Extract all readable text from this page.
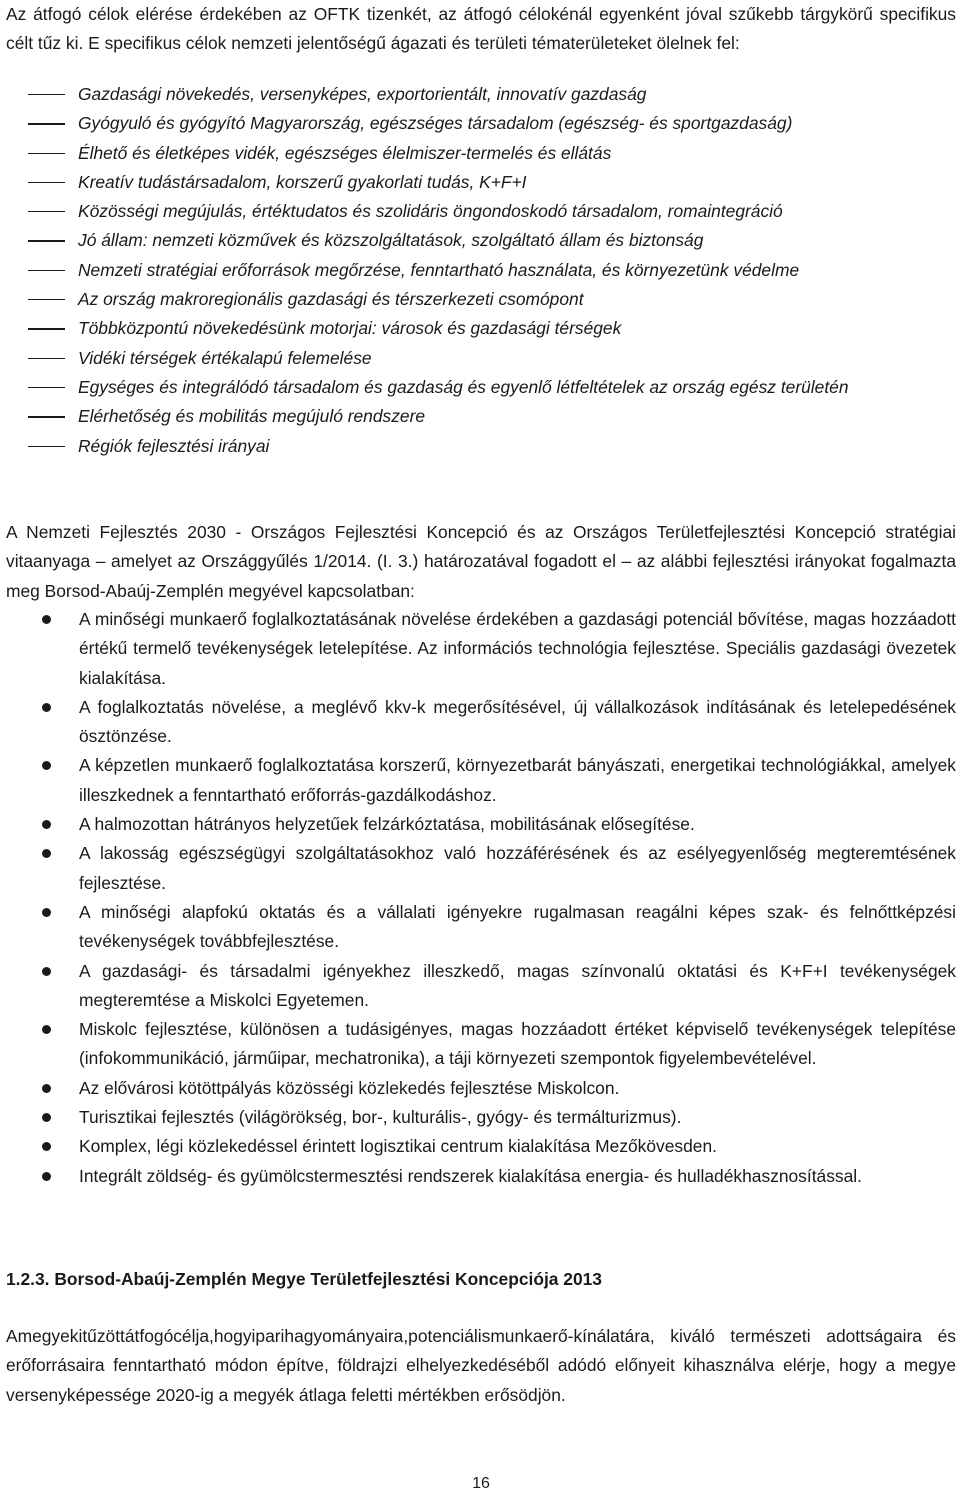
Az átfogó célok elérése érdekében az OFTK tizenkét, az átfogó célokénál egyenként jóval szűkebb tárgykörű specifikus célt tűz ki. E specifikus célok nemzeti jelentőségű ágazati és területi tématerületeket ölelnek fel:

Gazdasági növekedés, versenyképes, exportorientált, innovatív gazdaság
Gyógyuló és gyógyító Magyarország, egészséges társadalom (egészség- és sportgazdaság)
Élhető és életképes vidék, egészséges élelmiszer-termelés és ellátás
Kreatív tudástársadalom, korszerű gyakorlati tudás, K+F+I
Közösségi megújulás, értéktudatos és szolidáris öngondoskodó társadalom, romaintegráció
Jó állam: nemzeti közművek és közszolgáltatások, szolgáltató állam és biztonság
Nemzeti stratégiai erőforrások megőrzése, fenntartható használata, és környezetünk védelme
Az ország makroregionális gazdasági és térszerkezeti csomópont
Többközpontú növekedésünk motorjai: városok és gazdasági térségek
Vidéki térségek értékalapú felemelése
Egységes és integrálódó társadalom és gazdaság és egyenlő létfeltételek az ország egész területén
Elérhetőség és mobilitás megújuló rendszere
Régiók fejlesztési irányai

A Nemzeti Fejlesztés 2030 - Országos Fejlesztési Koncepció és az Országos Területfejlesztési Koncepció stratégiai vitaanyaga – amelyet az Országgyűlés 1/2014. (I. 3.) határozatával fogadott el – az alábbi fejlesztési irányokat fogalmazta meg Borsod-Abaúj-Zemplén megyével kapcsolatban:

A minőségi munkaerő foglalkoztatásának növelése érdekében a gazdasági potenciál bővítése, magas hozzáadott értékű termelő tevékenységek letelepítése. Az információs technológia fejlesztése. Speciális gazdasági övezetek kialakítása.
A foglalkoztatás növelése, a meglévő kkv-k megerősítésével, új vállalkozások indításának és letelepedésének ösztönzése.
A képzetlen munkaerő foglalkoztatása korszerű, környezetbarát bányászati, energetikai technológiákkal, amelyek illeszkednek a fenntartható erőforrás-gazdálkodáshoz.
A halmozottan hátrányos helyzetűek felzárkóztatása, mobilitásának elősegítése.
A lakosság egészségügyi szolgáltatásokhoz való hozzáférésének és az esélyegyenlőség megteremtésének fejlesztése.
A minőségi alapfokú oktatás és a vállalati igényekre rugalmasan reagálni képes szak- és felnőttképzési tevékenységek továbbfejlesztése.
A gazdasági- és társadalmi igényekhez illeszkedő, magas színvonalú oktatási és K+F+I tevékenységek megteremtése a Miskolci Egyetemen.
Miskolc fejlesztése, különösen a tudásigényes, magas hozzáadott értéket képviselő tevékenységek telepítése (infokommunikáció, járműipar, mechatronika), a táji környezeti szempontok figyelembevételével.
Az elővárosi kötöttpályás közösségi közlekedés fejlesztése Miskolcon.
Turisztikai fejlesztés (világörökség, bor-, kulturális-, gyógy- és termálturizmus).
Komplex, légi közlekedéssel érintett logisztikai centrum kialakítása Mezőkövesden.
Integrált zöldség- és gyümölcstermesztési rendszerek kialakítása energia- és hulladékhasznosítással.

1.2.3. Borsod-Abaúj-Zemplén Megye Területfejlesztési Koncepciója 2013

Amegyekitűzöttátfogócélja,hogyiparihagyományaira,potenciálismunkaerő-kínálatára, kiváló természeti adottságaira és erőforrásaira fenntartható módon építve, földrajzi elhelyezkedéséből adódó előnyeit kihasználva elérje, hogy a megye versenyképessége 2020-ig a megyék átlaga feletti mértékben erősödjön.

16
